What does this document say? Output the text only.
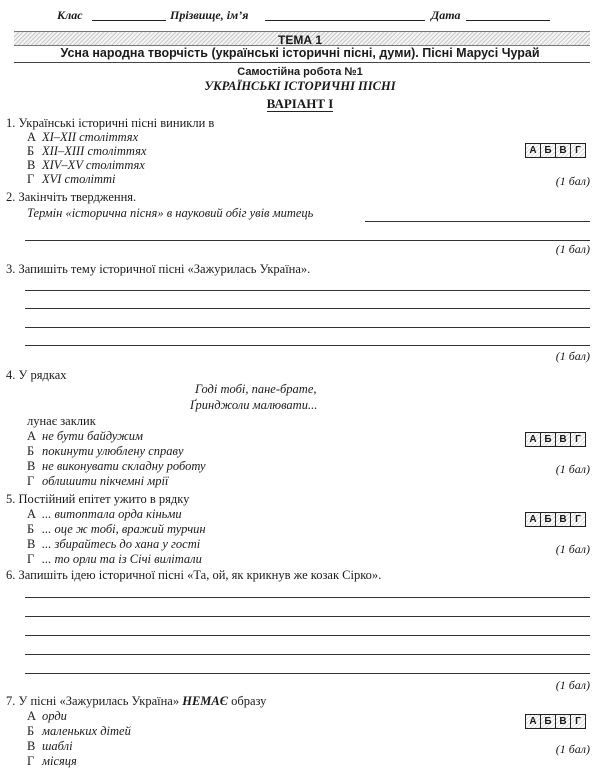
Клас	Прізвище, ім’я	Дата
ТЕМА 1
Усна народна творчість (українські історичні пісні, думи). Пісні Марусі Чурай
Самостійна робота №1
УКРАЇНСЬКІ ІСТОРИЧНІ ПІСНІ
ВАРІАНТ І
1. Українські історичні пісні виникли в
А XI–XII століттях
Б XII–XIII століттях
В XIV–XV століттях
Г XVI столітті
А Б В Г
(1 бал)
2. Закінчіть твердження.
Термін «історична пісня» в науковий обіг увів митець
(1 бал)
3. Запишіть тему історичної пісні «Зажурилась Україна».
(1 бал)
4. У рядках
Годі тобі, пане-брате,
Ґринджоли малювати...
лунає заклик
А не бути байдужим
Б покинути улюблену справу
В не виконувати складну роботу
Г облишити пікчемні мрії
А Б В Г
(1 бал)
5. Постійний епітет ужито в рядку
А ... витоптала орда кіньми
Б ... оце ж тобі, вражий турчин
В ... збирайтесь до хана у гості
Г ... то орли та із Січі вилітали
А Б В Г
(1 бал)
6. Запишіть ідею історичної пісні «Та, ой, як крикнув же козак Сірко».
(1 бал)
7. У пісні «Зажурилась Україна» НЕМАЄ образу
А орди
Б маленьких дітей
В шаблі
Г місяця
А Б В Г
(1 бал)
